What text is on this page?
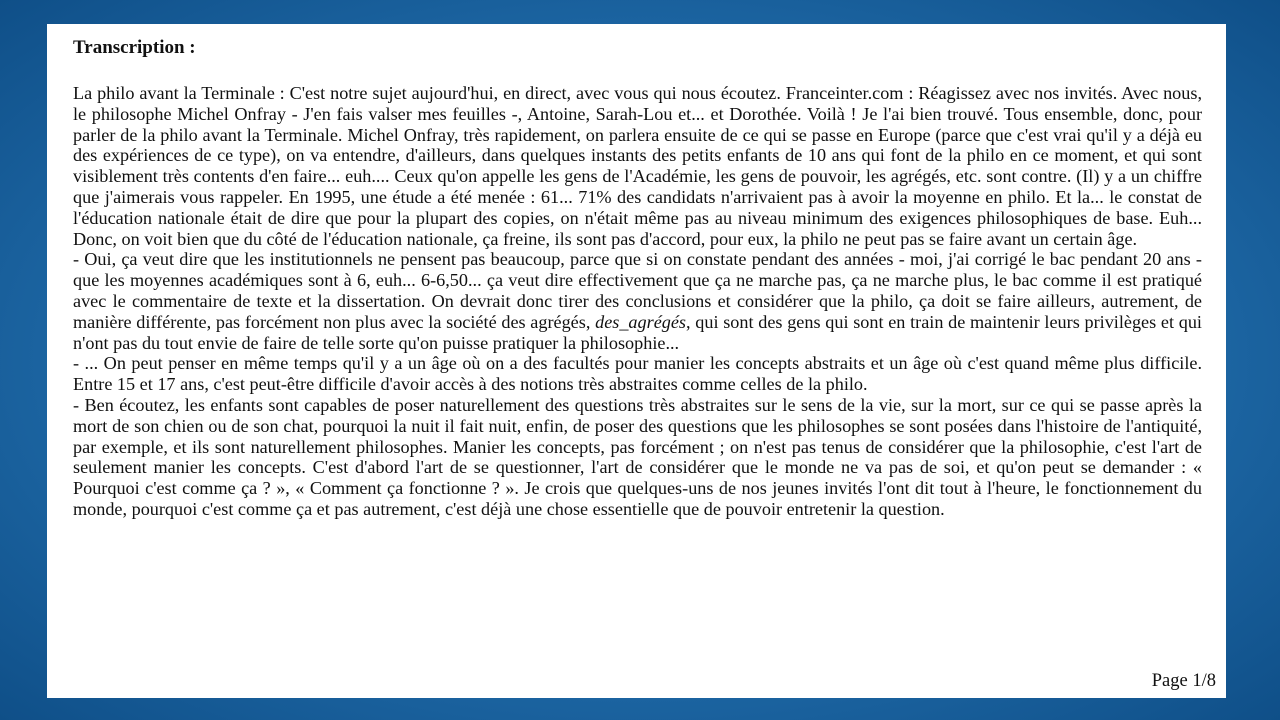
Transcription :

La philo avant la Terminale : C'est notre sujet aujourd'hui, en direct, avec vous qui nous écoutez. Franceinter.com : Réagissez avec nos invités. Avec nous, le philosophe Michel Onfray - J'en fais valser mes feuilles -, Antoine, Sarah-Lou et... et Dorothée. Voilà ! Je l'ai bien trouvé. Tous ensemble, donc, pour parler de la philo avant la Terminale. Michel Onfray, très rapidement, on parlera ensuite de ce qui se passe en Europe (parce que c'est vrai qu'il y a déjà eu des expériences de ce type), on va entendre, d'ailleurs, dans quelques instants des petits enfants de 10 ans qui font de la philo en ce moment, et qui sont visiblement très contents d'en faire... euh.... Ceux qu'on appelle les gens de l'Académie, les gens de pouvoir, les agrégés, etc. sont contre. (Il) y a un chiffre que j'aimerais vous rappeler. En 1995, une étude a été menée : 61... 71% des candidats n'arrivaient pas à avoir la moyenne en philo. Et la... le constat de l'éducation nationale était de dire que pour la plupart des copies, on n'était même pas au niveau minimum des exigences philosophiques de base. Euh... Donc, on voit bien que du côté de l'éducation nationale, ça freine, ils sont pas d'accord, pour eux, la philo ne peut pas se faire avant un certain âge.

- Oui, ça veut dire que les institutionnels ne pensent pas beaucoup, parce que si on constate pendant des années - moi, j'ai corrigé le bac pendant 20 ans - que les moyennes académiques sont à 6, euh... 6-6,50... ça veut dire effectivement que ça ne marche pas, ça ne marche plus, le bac comme il est pratiqué avec le commentaire de texte et la dissertation. On devrait donc tirer des conclusions et considérer que la philo, ça doit se faire ailleurs, autrement, de manière différente, pas forcément non plus avec la société des agrégés, des_agrégés, qui sont des gens qui sont en train de maintenir leurs privilèges et qui n'ont pas du tout envie de faire de telle sorte qu'on puisse pratiquer la philosophie...

- ... On peut penser en même temps qu'il y a un âge où on a des facultés pour manier les concepts abstraits et un âge où c'est quand même plus difficile. Entre 15 et 17 ans, c'est peut-être difficile d'avoir accès à des notions très abstraites comme celles de la philo.

- Ben écoutez, les enfants sont capables de poser naturellement des questions très abstraites sur le sens de la vie, sur la mort, sur ce qui se passe après la mort de son chien ou de son chat, pourquoi la nuit il fait nuit, enfin, de poser des questions que les philosophes se sont posées dans l'histoire de l'antiquité, par exemple, et ils sont naturellement philosophes. Manier les concepts, pas forcément ; on n'est pas tenus de considérer que la philosophie, c'est l'art de seulement manier les concepts. C'est d'abord l'art de se questionner, l'art de considérer que le monde ne va pas de soi, et qu'on peut se demander : « Pourquoi c'est comme ça ? », « Comment ça fonctionne ? ». Je crois que quelques-uns de nos jeunes invités l'ont dit tout à l'heure, le fonctionnement du monde, pourquoi c'est comme ça et pas autrement, c'est déjà une chose essentielle que de pouvoir entretenir la question.

Page 1/8
